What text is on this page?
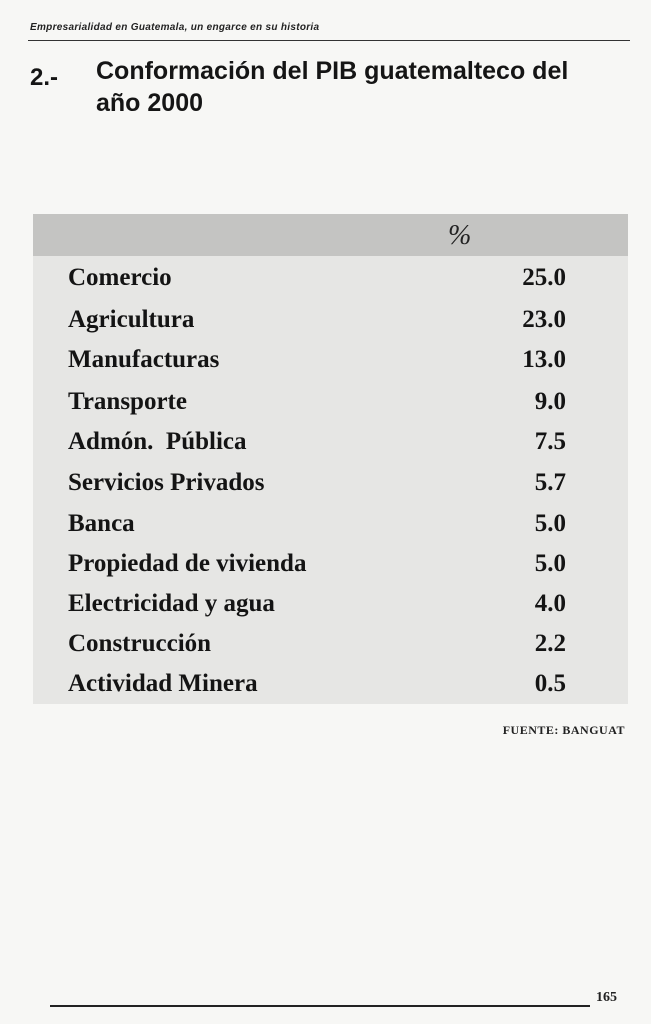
Empresarialidad en Guatemala, un engarce en su historia
2.- Conformación del PIB guatemalteco del año 2000
%
Comercio	25.0
Agricultura	23.0
Manufacturas	13.0
Transporte	9.0
Admón.  Pública	7.5
Servicios Privados	5.7
Banca	5.0
Propiedad de vivienda	5.0
Electricidad y agua	4.0
Construcción	2.2
Actividad Minera	0.5
FUENTE: BANGUAT
165
